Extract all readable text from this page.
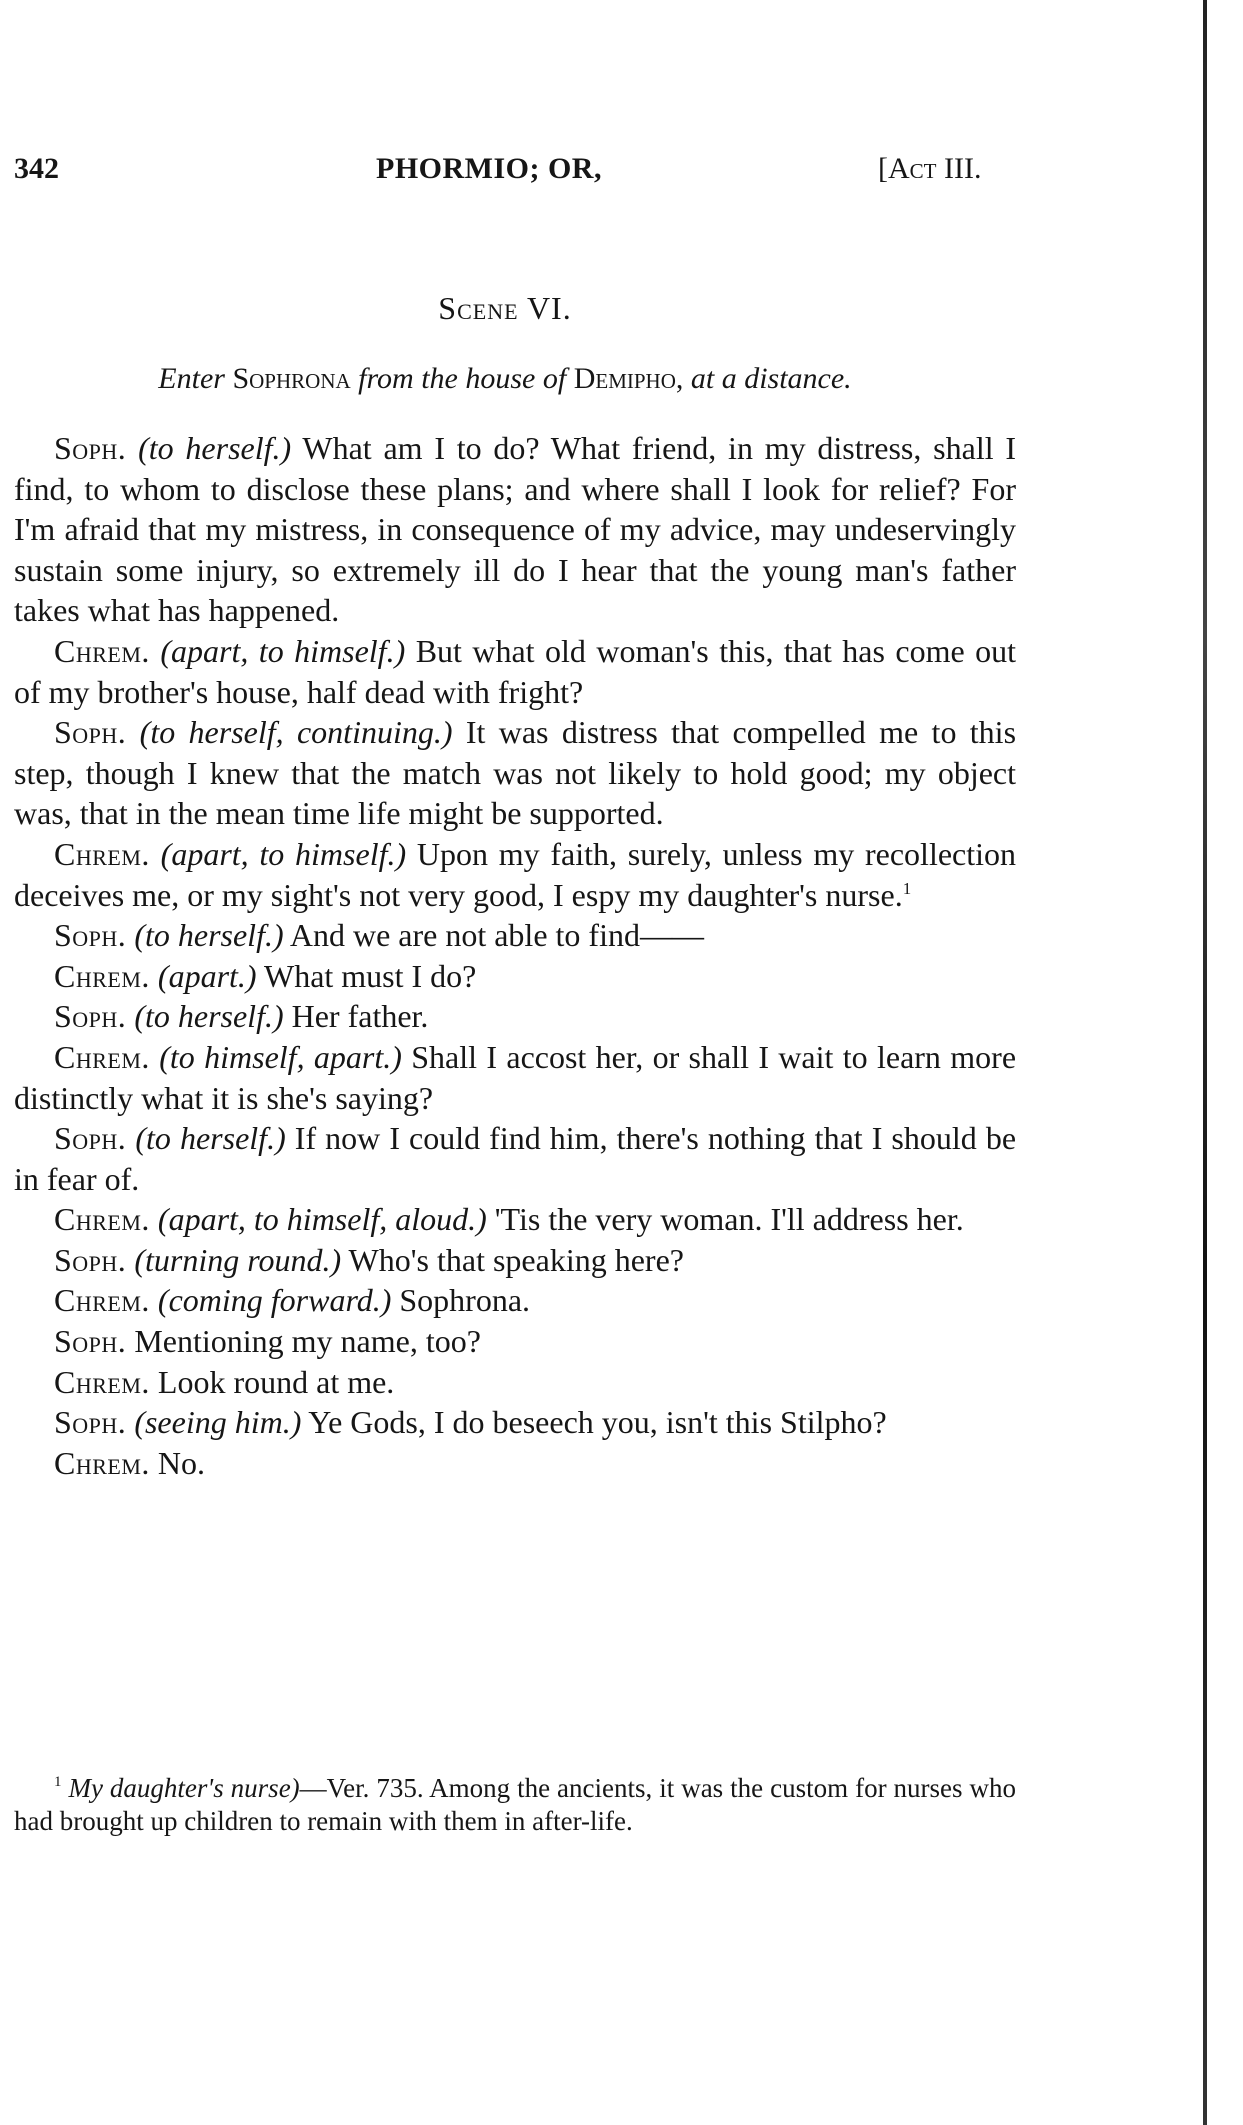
342	PHORMIO; OR,	[Act III.
Scene VI.
Enter Sophrona from the house of Demipho, at a distance.

Soph. (to herself.) What am I to do? What friend, in my distress, shall I find, to whom to disclose these plans; and where shall I look for relief? For I'm afraid that my mistress, in consequence of my advice, may undeservingly sustain some injury, so extremely ill do I hear that the young man's father takes what has happened.

Chrem. (apart, to himself.) But what old woman's this, that has come out of my brother's house, half dead with fright?

Soph. (to herself, continuing.) It was distress that compelled me to this step, though I knew that the match was not likely to hold good; my object was, that in the mean time life might be supported.

Chrem. (apart, to himself.) Upon my faith, surely, unless my recollection deceives me, or my sight's not very good, I espy my daughter's nurse.$^1$

Soph. (to herself.) And we are not able to find——

Chrem. (apart.) What must I do?

Soph. (to herself.) Her father.

Chrem. (to himself, apart.) Shall I accost her, or shall I wait to learn more distinctly what it is she's saying?

Soph. (to herself.) If now I could find him, there's nothing that I should be in fear of.

Chrem. (apart, to himself, aloud.) 'Tis the very woman. I'll address her.

Soph. (turning round.) Who's that speaking here?

Chrem. (coming forward.) Sophrona.

Soph. Mentioning my name, too?

Chrem. Look round at me.

Soph. (seeing him.) Ye Gods, I do beseech you, isn't this Stilpho?

Chrem. No.

$^1$ My daughter's nurse)—Ver. 735. Among the ancients, it was the custom for nurses who had brought up children to remain with them in after-life.
